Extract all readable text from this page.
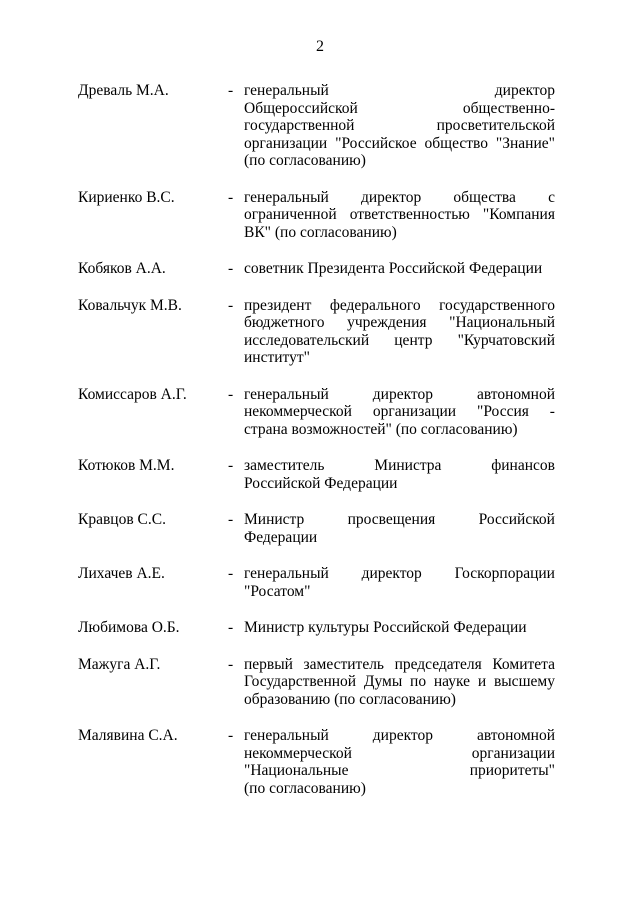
2
Древаль М.А.	- генеральный	директор
Общероссийской	общественно-
государственной	просветительской
организации "Российское общество "Знание"
(по согласованию)
Кириенко В.С.	- генеральный директор общества с
ограниченной ответственностью "Компания
ВК" (по согласованию)
Кобяков А.А.	- советник Президента Российской Федерации
Ковальчук М.В.	- президент федерального государственного
бюджетного учреждения "Национальный
исследовательский центр "Курчатовский
институт"
Комиссаров А.Г.	- генеральный	директор	автономной
некоммерческой организации "Россия -
страна возможностей" (по согласованию)
Котюков М.М.	- заместитель	Министра	финансов
Российской Федерации
Кравцов С.С.	- Министр	просвещения	Российской
Федерации
Лихачев А.Е.	- генеральный директор Госкорпорации
"Росатом"
Любимова О.Б.	- Министр культуры Российской Федерации
Мажуга А.Г.	- первый заместитель председателя Комитета
Государственной Думы по науке и высшему
образованию (по согласованию)
Малявина С.А.	- генеральный	директор	автономной
некоммерческой	организации
"Национальные	приоритеты"
(по согласованию)
